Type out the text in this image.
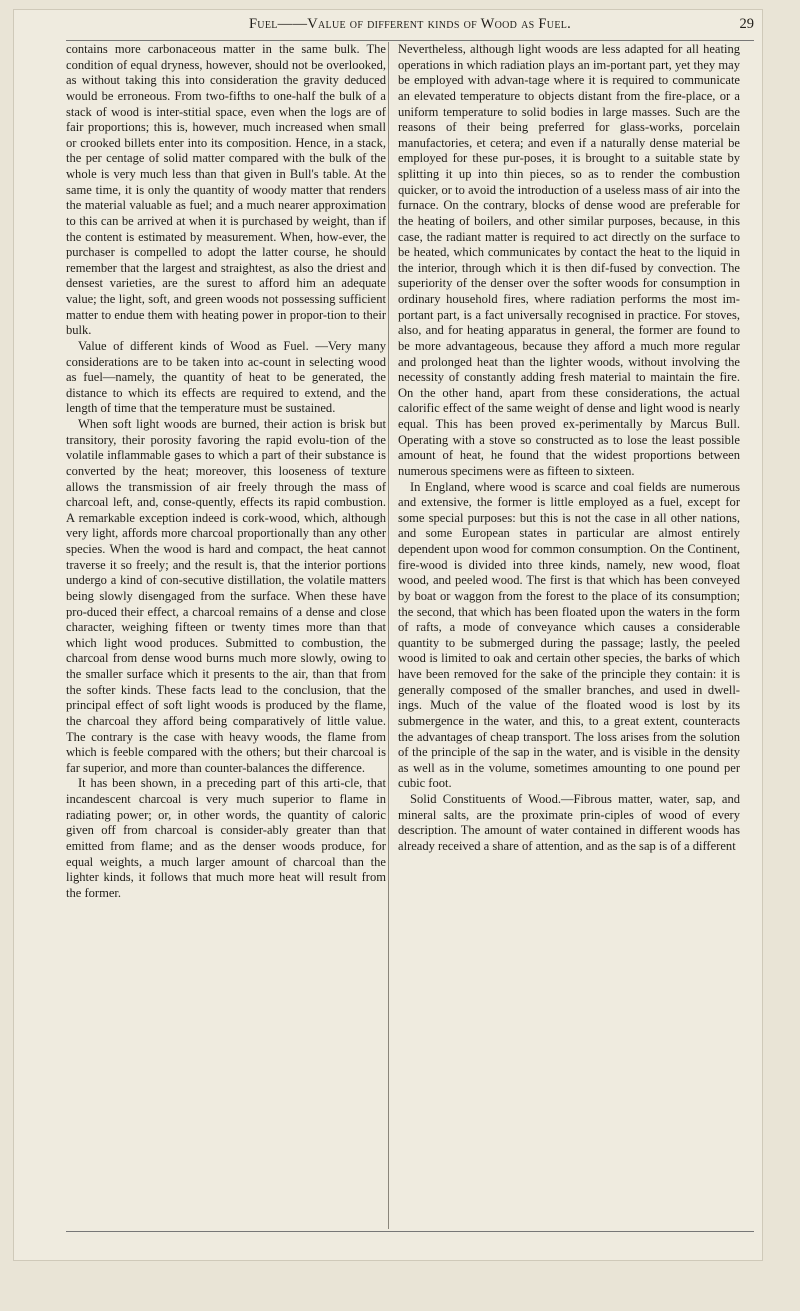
Fuel——Value of different kinds of Wood as Fuel.	29

contains more carbonaceous matter in the same bulk. The condition of equal dryness, however, should not be overlooked, as without taking this into consideration the gravity deduced would be erroneous. From two-fifths to one-half the bulk of a stack of wood is inter-stitial space, even when the logs are of fair proportions; this is, however, much increased when small or crooked billets enter into its composition. Hence, in a stack, the per centage of solid matter compared with the bulk of the whole is very much less than that given in Bull's table. At the same time, it is only the quantity of woody matter that renders the material valuable as fuel; and a much nearer approximation to this can be arrived at when it is purchased by weight, than if the content is estimated by measurement. When, how-ever, the purchaser is compelled to adopt the latter course, he should remember that the largest and straightest, as also the driest and densest varieties, are the surest to afford him an adequate value; the light, soft, and green woods not possessing sufficient matter to endue them with heating power in propor-tion to their bulk.

Value of different kinds of Wood as Fuel. —Very many considerations are to be taken into ac-count in selecting wood as fuel—namely, the quantity of heat to be generated, the distance to which its effects are required to extend, and the length of time that the temperature must be sustained.

When soft light woods are burned, their action is brisk but transitory, their porosity favoring the rapid evolu-tion of the volatile inflammable gases to which a part of their substance is converted by the heat; moreover, this looseness of texture allows the transmission of air freely through the mass of charcoal left, and, conse-quently, effects its rapid combustion. A remarkable exception indeed is cork-wood, which, although very light, affords more charcoal proportionally than any other species. When the wood is hard and compact, the heat cannot traverse it so freely; and the result is, that the interior portions undergo a kind of con-secutive distillation, the volatile matters being slowly disengaged from the surface. When these have pro-duced their effect, a charcoal remains of a dense and close character, weighing fifteen or twenty times more than that which light wood produces. Submitted to combustion, the charcoal from dense wood burns much more slowly, owing to the smaller surface which it presents to the air, than that from the softer kinds. These facts lead to the conclusion, that the principal effect of soft light woods is produced by the flame, the charcoal they afford being comparatively of little value. The contrary is the case with heavy woods, the flame from which is feeble compared with the others; but their charcoal is far superior, and more than counter-balances the difference.

It has been shown, in a preceding part of this arti-cle, that incandescent charcoal is very much superior to flame in radiating power; or, in other words, the quantity of caloric given off from charcoal is consider-ably greater than that emitted from flame; and as the denser woods produce, for equal weights, a much larger amount of charcoal than the lighter kinds, it follows that much more heat will result from the former.

Nevertheless, although light woods are less adapted for all heating operations in which radiation plays an im-portant part, yet they may be employed with advan-tage where it is required to communicate an elevated temperature to objects distant from the fire-place, or a uniform temperature to solid bodies in large masses. Such are the reasons of their being preferred for glass-works, porcelain manufactories, et cetera; and even if a naturally dense material be employed for these pur-poses, it is brought to a suitable state by splitting it up into thin pieces, so as to render the combustion quicker, or to avoid the introduction of a useless mass of air into the furnace. On the contrary, blocks of dense wood are preferable for the heating of boilers, and other similar purposes, because, in this case, the radiant matter is required to act directly on the surface to be heated, which communicates by contact the heat to the liquid in the interior, through which it is then dif-fused by convection. The superiority of the denser over the softer woods for consumption in ordinary household fires, where radiation performs the most im-portant part, is a fact universally recognised in practice. For stoves, also, and for heating apparatus in general, the former are found to be more advantageous, because they afford a much more regular and prolonged heat than the lighter woods, without involving the necessity of constantly adding fresh material to maintain the fire. On the other hand, apart from these considerations, the actual calorific effect of the same weight of dense and light wood is nearly equal. This has been proved ex-perimentally by Marcus Bull. Operating with a stove so constructed as to lose the least possible amount of heat, he found that the widest proportions between numerous specimens were as fifteen to sixteen.

In England, where wood is scarce and coal fields are numerous and extensive, the former is little employed as a fuel, except for some special purposes: but this is not the case in all other nations, and some European states in particular are almost entirely dependent upon wood for common consumption. On the Continent, fire-wood is divided into three kinds, namely, new wood, float wood, and peeled wood. The first is that which has been conveyed by boat or waggon from the forest to the place of its consumption; the second, that which has been floated upon the waters in the form of rafts, a mode of conveyance which causes a considerable quantity to be submerged during the passage; lastly, the peeled wood is limited to oak and certain other species, the barks of which have been removed for the sake of the principle they contain: it is generally composed of the smaller branches, and used in dwell-ings. Much of the value of the floated wood is lost by its submergence in the water, and this, to a great extent, counteracts the advantages of cheap transport. The loss arises from the solution of the principle of the sap in the water, and is visible in the density as well as in the volume, sometimes amounting to one pound per cubic foot.

Solid Constituents of Wood.—Fibrous matter, water, sap, and mineral salts, are the proximate prin-ciples of wood of every description. The amount of water contained in different woods has already received a share of attention, and as the sap is of a different
